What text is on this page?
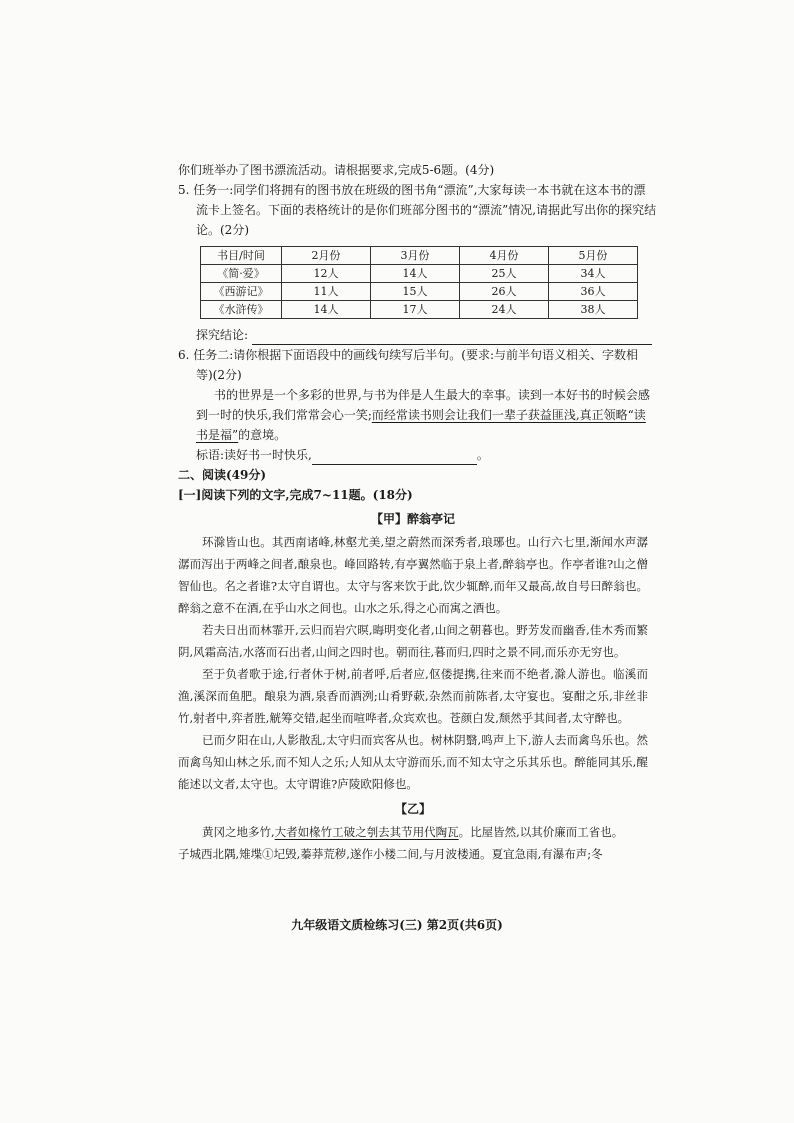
你们班举办了图书漂流活动。请根据要求,完成5-6题。(4分)
5. 任务一:同学们将拥有的图书放在班级的图书角“漂流”,大家每读一本书就在这本书的漂
流卡上签名。下面的表格统计的是你们班部分图书的“漂流”情况,请据此写出你的探究结
论。(2分)
书目/时间	2月份	3月份	4月份	5月份
《简·爱》	12人	14人	25人	34人
《西游记》	11人	15人	26人	36人
《水浒传》	14人	17人	24人	38人
探究结论:
6. 任务二:请你根据下面语段中的画线句续写后半句。(要求:与前半句语义相关、字数相
等)(2分)
书的世界是一个多彩的世界,与书为伴是人生最大的幸事。读到一本好书的时候会感
到一时的快乐,我们常常会心一笑;而经常读书则会让我们一辈子获益匪浅,真正领略“读
书是福”的意境。
标语:读好书一时快乐,	。
二、阅读(49分)
[一]阅读下列的文字,完成7~11题。(18分)
【甲】醉翁亭记

环滁皆山也。其西南诸峰,林壑尤美,望之蔚然而深秀者,琅琊也。山行六七里,渐闻水声潺潺而泻出于两峰之间者,酿泉也。峰回路转,有亭翼然临于泉上者,醉翁亭也。作亭者谁?山之僧智仙也。名之者谁?太守自谓也。太守与客来饮于此,饮少辄醉,而年又最高,故自号曰醉翁也。醉翁之意不在酒,在乎山水之间也。山水之乐,得之心而寓之酒也。

若夫日出而林霏开,云归而岩穴暝,晦明变化者,山间之朝暮也。野芳发而幽香,佳木秀而繁阴,风霜高洁,水落而石出者,山间之四时也。朝而往,暮而归,四时之景不同,而乐亦无穷也。

至于负者歌于途,行者休于树,前者呼,后者应,伛偻提携,往来而不绝者,滁人游也。临溪而渔,溪深而鱼肥。酿泉为酒,泉香而酒洌;山肴野蔌,杂然而前陈者,太守宴也。宴酣之乐,非丝非竹,射者中,弈者胜,觥筹交错,起坐而喧哗者,众宾欢也。苍颜白发,颓然乎其间者,太守醉也。

已而夕阳在山,人影散乱,太守归而宾客从也。树林阴翳,鸣声上下,游人去而禽鸟乐也。然而禽鸟知山林之乐,而不知人之乐;人知从太守游而乐,而不知太守之乐其乐也。醉能同其乐,醒能述以文者,太守也。太守谓谁?庐陵欧阳修也。

【乙】

黄冈之地多竹,大者如椽竹工破之刳去其节用代陶瓦。比屋皆然,以其价廉而工省也。

子城西北隅,雉堞①圮毁,蓁莽荒秽,遂作小楼二间,与月波楼通。夏宜急雨,有瀑布声;冬

九年级语文质检练习(三) 第2页(共6页)
